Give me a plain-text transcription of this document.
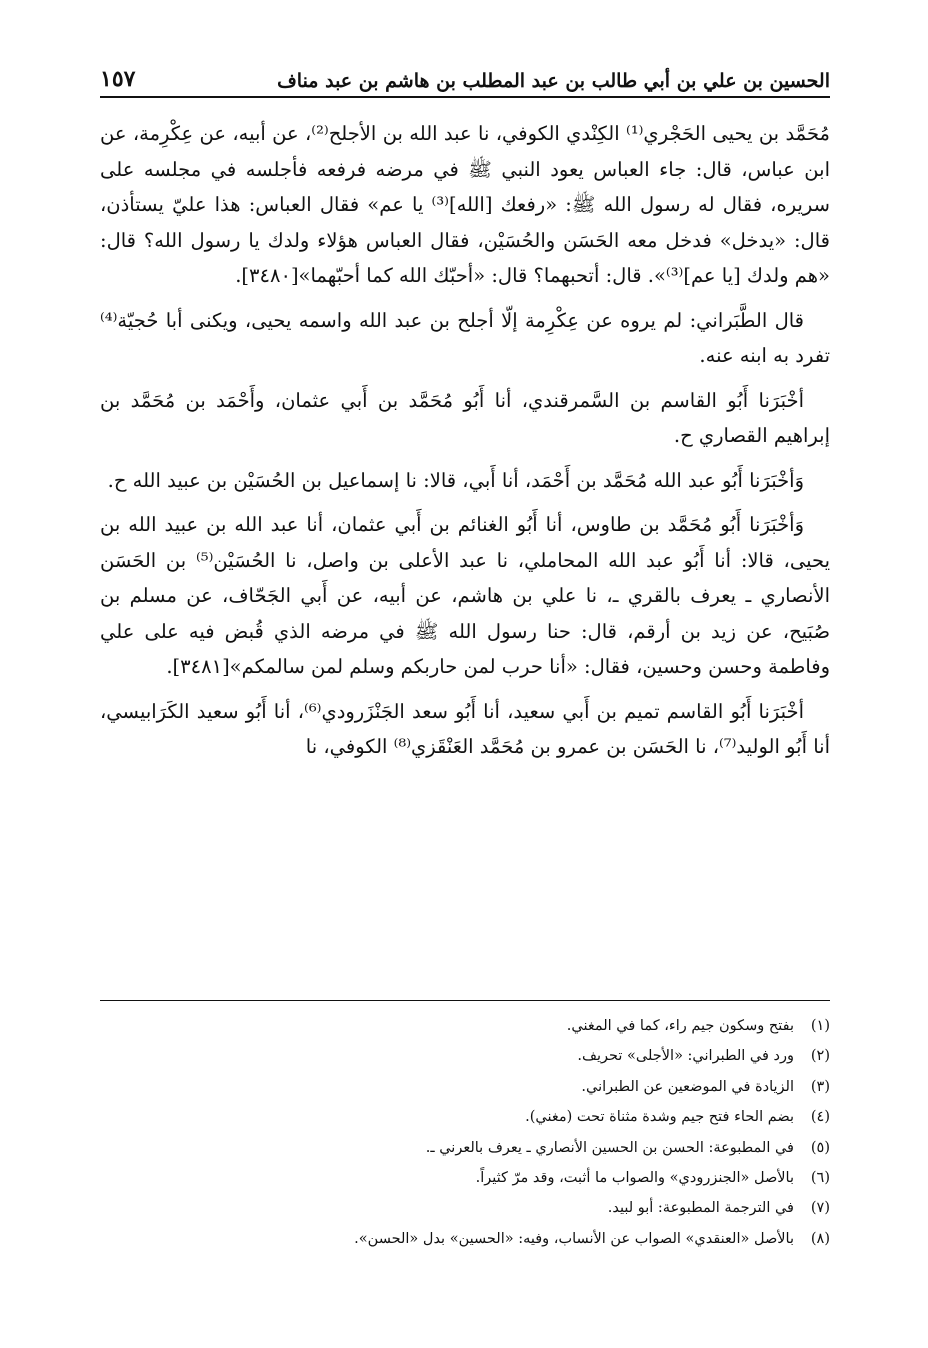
الحسين بن علي بن أبي طالب بن عبد المطلب بن هاشم بن عبد مناف
١٥٧

مُحَمَّد بن يحيى الحَجْري⁽¹⁾ الكِنْدي الكوفي، نا عبد الله بن الأجلح⁽²⁾، عن أبيه، عن عِكْرِمة، عن ابن عباس، قال: جاء العباس يعود النبي ﷺ في مرضه فرفعه فأجلسه في مجلسه على سريره، فقال له رسول الله ﷺ: «رفعك [الله]⁽³⁾ يا عم» فقال العباس: هذا عليّ يستأذن، قال: «يدخل» فدخل معه الحَسَن والحُسَيْن، فقال العباس هؤلاء ولدك يا رسول الله؟ قال: «هم ولدك [يا عم]⁽³⁾». قال: أتحبهما؟ قال: «أحبّك الله كما أحبّهما»[٣٤٨٠].

قال الطَّبَراني: لم يروه عن عِكْرِمة إلّا أجلح بن عبد الله واسمه يحيى، ويكنى أبا حُجيّة⁽⁴⁾ تفرد به ابنه عنه.

أخْبَرَنا أَبُو القاسم بن السَّمرقندي، أنا أَبُو مُحَمَّد بن أَبي عثمان، وأَحْمَد بن مُحَمَّد بن إبراهيم القصاري ح.

وَأخْبَرَنا أَبُو عبد الله مُحَمَّد بن أَحْمَد، أنا أَبي، قالا: نا إسماعيل بن الحُسَيْن بن عبيد الله ح.

وَأخْبَرَنا أَبُو مُحَمَّد بن طاوس، أنا أَبُو الغنائم بن أَبي عثمان، أنا عبد الله بن عبيد الله بن يحيى، قالا: أنا أَبُو عبد الله المحاملي، نا عبد الأعلى بن واصل، نا الحُسَيْن⁽⁵⁾ بن الحَسَن الأنصاري ـ يعرف بالقري ـ، نا علي بن هاشم، عن أبيه، عن أَبي الجَحّاف، عن مسلم بن صُبَيح، عن زيد بن أرقم، قال: حنا رسول الله ﷺ في مرضه الذي قُبض فيه على علي وفاطمة وحسن وحسين، فقال: «أنا حرب لمن حاربكم وسلم لمن سالمكم»[٣٤٨١].

أخْبَرَنا أَبُو القاسم تميم بن أَبي سعيد، أنا أَبُو سعد الجَنْزَرودي⁽⁶⁾، أنا أَبُو سعيد الكَرَابيسي، أنا أَبُو الوليد⁽⁷⁾، نا الحَسَن بن عمرو بن مُحَمَّد العَنْقَزي⁽⁸⁾ الكوفي، نا

(١)
بفتح وسكون جيم راء، كما في المغني.
(٢)
ورد في الطبراني: «الأجلى» تحريف.
(٣)
الزيادة في الموضعين عن الطبراني.
(٤)
بضم الحاء فتح جيم وشدة مثناة تحت (مغني).
(٥)
في المطبوعة: الحسن بن الحسين الأنصاري ـ يعرف بالعرني ـ.
(٦)
بالأصل «الجنزرودي» والصواب ما أثبت، وقد مرّ كثيراً.
(٧)
في الترجمة المطبوعة: أبو لبيد.
(٨)
بالأصل «العنقدي» الصواب عن الأنساب، وفيه: «الحسين» بدل «الحسن».
